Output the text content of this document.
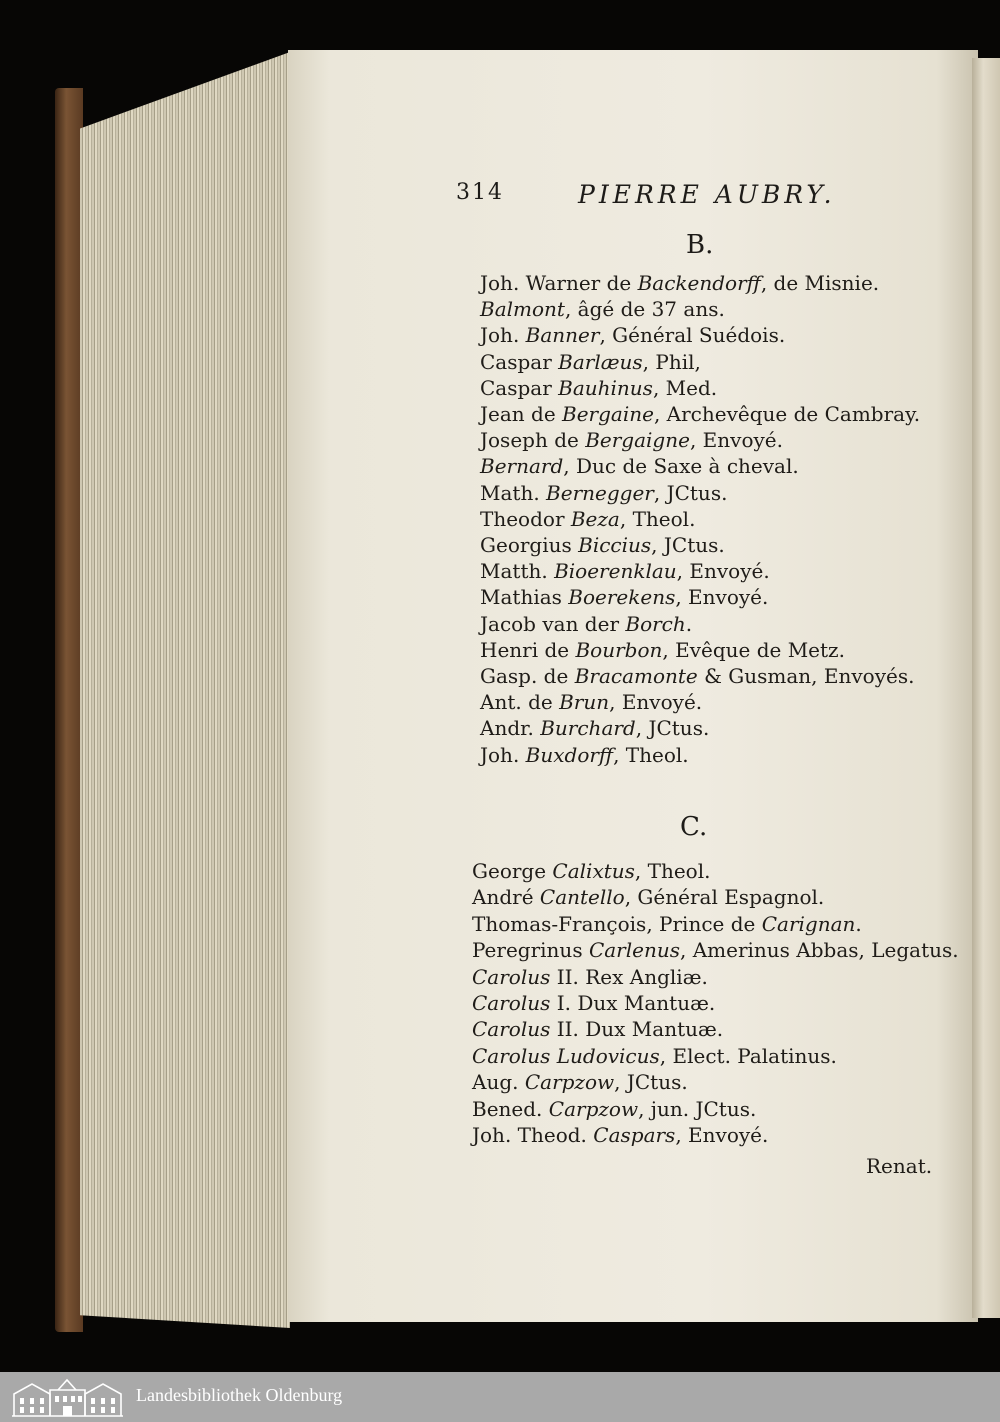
314	PIERRE AUBRY.
B.
Joh. Warner de Backendorff, de Misnie.
Balmont, âgé de 37 ans.
Joh. Banner, Général Suédois.
Caspar Barlæus, Phil,
Caspar Bauhinus, Med.
Jean de Bergaine, Archevêque de Cambray.
Joseph de Bergaigne, Envoyé.
Bernard, Duc de Saxe à cheval.
Math. Bernegger, JCtus.
Theodor Beza, Theol.
Georgius Biccius, JCtus.
Matth. Bioerenklau, Envoyé.
Mathias Boerekens, Envoyé.
Jacob van der Borch.
Henri de Bourbon, Evêque de Metz.
Gasp. de Bracamonte & Gusman, Envoyés.
Ant. de Brun, Envoyé.
Andr. Burchard, JCtus.
Joh. Buxdorff, Theol.
C.
George Calixtus, Theol.
André Cantello, Général Espagnol.
Thomas-François, Prince de Carignan.
Peregrinus Carlenus, Amerinus Abbas, Legatus.
Carolus II. Rex Angliæ.
Carolus I. Dux Mantuæ.
Carolus II. Dux Mantuæ.
Carolus Ludovicus, Elect. Palatinus.
Aug. Carpzow, JCtus.
Bened. Carpzow, jun. JCtus.
Joh. Theod. Caspars, Envoyé.
Renat.
Landesbibliothek Oldenburg
